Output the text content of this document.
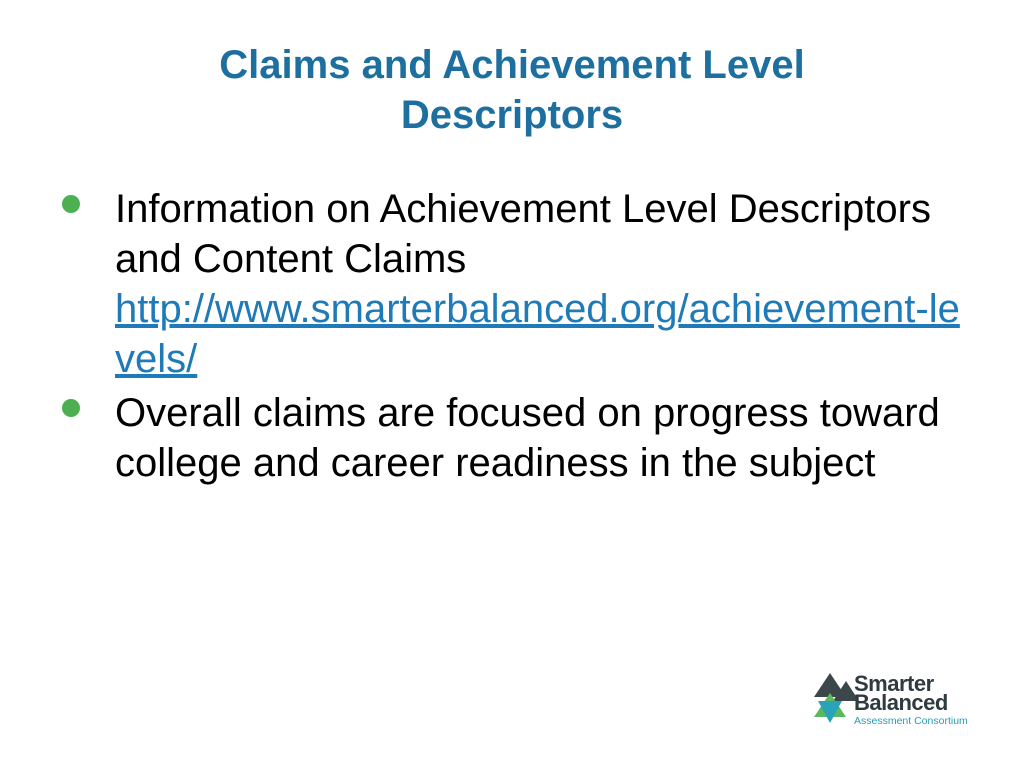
Claims and Achievement Level
Descriptors
Information on Achievement Level Descriptors and Content Claims
http://www.smarterbalanced.org/achievement-levels/
Overall claims are focused on progress toward college and career readiness in the subject
Smarter
Balanced
Assessment Consortium
